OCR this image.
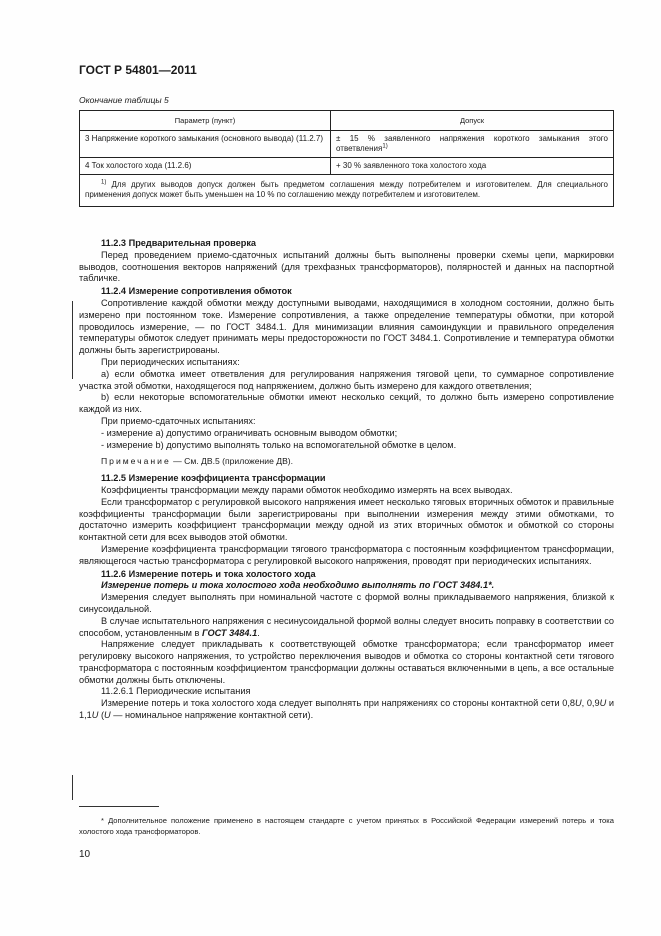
ГОСТ Р 54801—2011
Окончание таблицы 5
Параметр (пункт)	Допуск
3 Напряжение короткого замыкания (основного вывода) (11.2.7)	± 15 % заявленного напряжения короткого замыкания этого ответвления$^{1)}$
4 Ток холостого хода (11.2.6)	+ 30 % заявленного тока холостого хода
$^{1)}$ Для других выводов допуск должен быть предметом соглашения между потребителем и изготовителем. Для специального применения допуск может быть уменьшен на 10 % по соглашению между потребителем и изготовителем.	

11.2.3 Предварительная проверка

Перед проведением приемо-сдаточных испытаний должны быть выполнены проверки схемы цепи, маркировки выводов, соотношения векторов напряжений (для трехфазных трансформаторов), полярностей и данных на паспортной табличке.

11.2.4 Измерение сопротивления обмоток

Сопротивление каждой обмотки между доступными выводами, находящимися в холодном состоянии, должно быть измерено при постоянном токе. Измерение сопротивления, а также определение температуры обмотки, при которой проводилось измерение, — по ГОСТ 3484.1. Для минимизации влияния самоиндукции и правильного определения температуры обмоток следует принимать меры предосторожности по ГОСТ 3484.1. Сопротивление и температура обмотки должны быть зарегистрированы.

При периодических испытаниях:

a) если обмотка имеет ответвления для регулирования напряжения тяговой цепи, то суммарное сопротивление участка этой обмотки, находящегося под напряжением, должно быть измерено для каждого ответвления;

b) если некоторые вспомогательные обмотки имеют несколько секций, то должно быть измерено сопротивление каждой из них.

При приемо-сдаточных испытаниях:

- измерение a) допустимо ограничивать основным выводом обмотки;

- измерение b) допустимо выполнять только на вспомогательной обмотке в целом.

Примечание — См. ДВ.5 (приложение ДВ).

11.2.5 Измерение коэффициента трансформации

Коэффициенты трансформации между парами обмоток необходимо измерять на всех выводах.

Если трансформатор с регулировкой высокого напряжения имеет несколько тяговых вторичных обмоток и правильные коэффициенты трансформации были зарегистрированы при выполнении измерения между этими обмотками, то достаточно измерить коэффициент трансформации между одной из этих вторичных обмоток и обмоткой со стороны контактной сети для всех выводов этой обмотки.

Измерение коэффициента трансформации тягового трансформатора с постоянным коэффициентом трансформации, являющегося частью трансформатора с регулировкой высокого напряжения, проводят при периодических испытаниях.

11.2.6 Измерение потерь и тока холостого хода

Измерение потерь и тока холостого хода необходимо выполнять по ГОСТ 3484.1*.

Измерения следует выполнять при номинальной частоте с формой волны прикладываемого напряжения, близкой к синусоидальной.

В случае испытательного напряжения с несинусоидальной формой волны следует вносить поправку в соответствии со способом, установленным в ГОСТ 3484.1.

Напряжение следует прикладывать к соответствующей обмотке трансформатора; если трансформатор имеет регулировку высокого напряжения, то устройство переключения выводов и обмотка со стороны контактной сети тягового трансформатора с постоянным коэффициентом трансформации должны оставаться включенными в цепь, а все остальные обмотки должны быть отключены.

11.2.6.1 Периодические испытания

Измерение потерь и тока холостого хода следует выполнять при напряжениях со стороны контактной сети 0,8U, 0,9U и 1,1U (U — номинальное напряжение контактной сети).

* Дополнительное положение применено в настоящем стандарте с учетом принятых в Российской Федерации измерений потерь и тока холостого хода трансформаторов.
10
